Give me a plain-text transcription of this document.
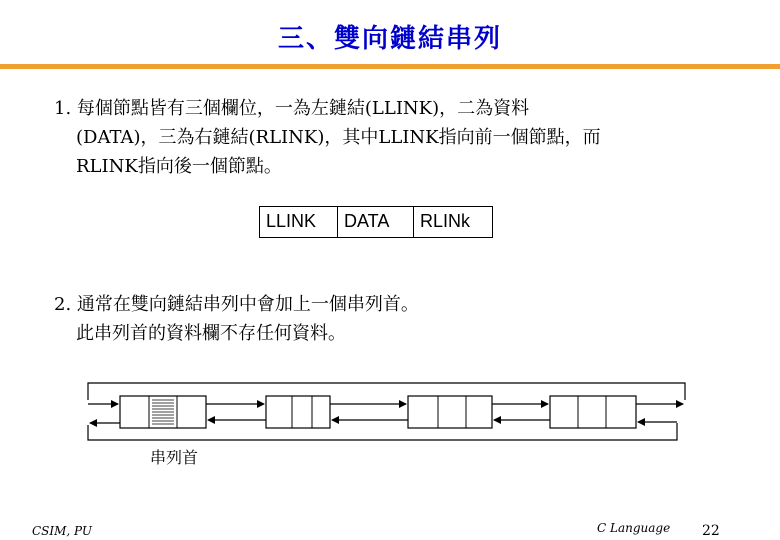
三、雙向鏈結串列
1. 每個節點皆有三個欄位，一為左鏈結(LLINK)，二為資料
(DATA)，三為右鏈結(RLINK)，其中LLINK指向前一個節點，而
RLINK指向後一個節點。
LLINK	DATA	RLINk
2. 通常在雙向鏈結串列中會加上一個串列首。
此串列首的資料欄不存任何資料。
串列首
CSIM, PU	C Language 22
